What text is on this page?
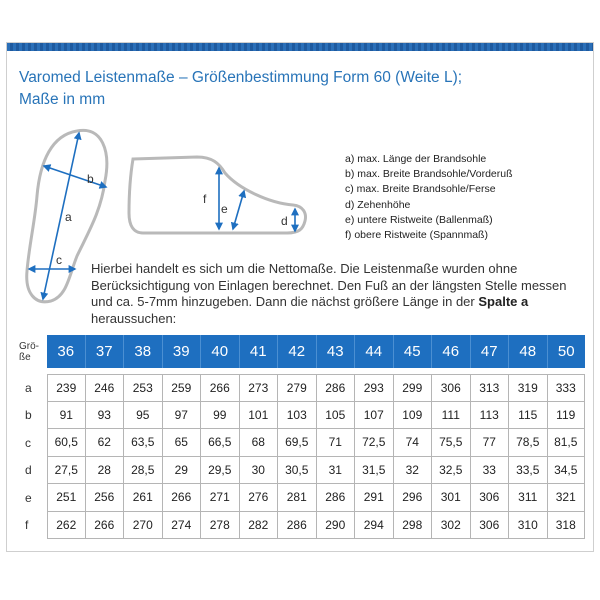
Varomed Leistenmaße – Größenbestimmung Form 60 (Weite L);
Maße in mm
a
b
c
f
e
d
a) max. Länge der Brandsohle
b) max. Breite Brandsohle/Vorderuß
c) max. Breite Brandsohle/Ferse
d) Zehenhöhe
e) untere Ristweite (Ballenmaß)
f) obere Ristweite (Spannmaß)
Hierbei handelt es sich um die Nettomaße. Die Leistenmaße wurden ohne Berücksichtigung von Einlagen berechnet. Den Fuß an der längsten Stelle messen und ca. 5-7mm hinzugeben. Dann die nächst größere Länge in der Spalte a heraussuchen:
Grö-
ße	36	37	38	39	40	41	42	43	44	45	46	47	48	50

a	239	246	253	259	266	273	279	286	293	299	306	313	319	333
b	91	93	95	97	99	101	103	105	107	109	111	113	115	119
c	60,5	62	63,5	65	66,5	68	69,5	71	72,5	74	75,5	77	78,5	81,5
d	27,5	28	28,5	29	29,5	30	30,5	31	31,5	32	32,5	33	33,5	34,5
e	251	256	261	266	271	276	281	286	291	296	301	306	311	321
f	262	266	270	274	278	282	286	290	294	298	302	306	310	318
